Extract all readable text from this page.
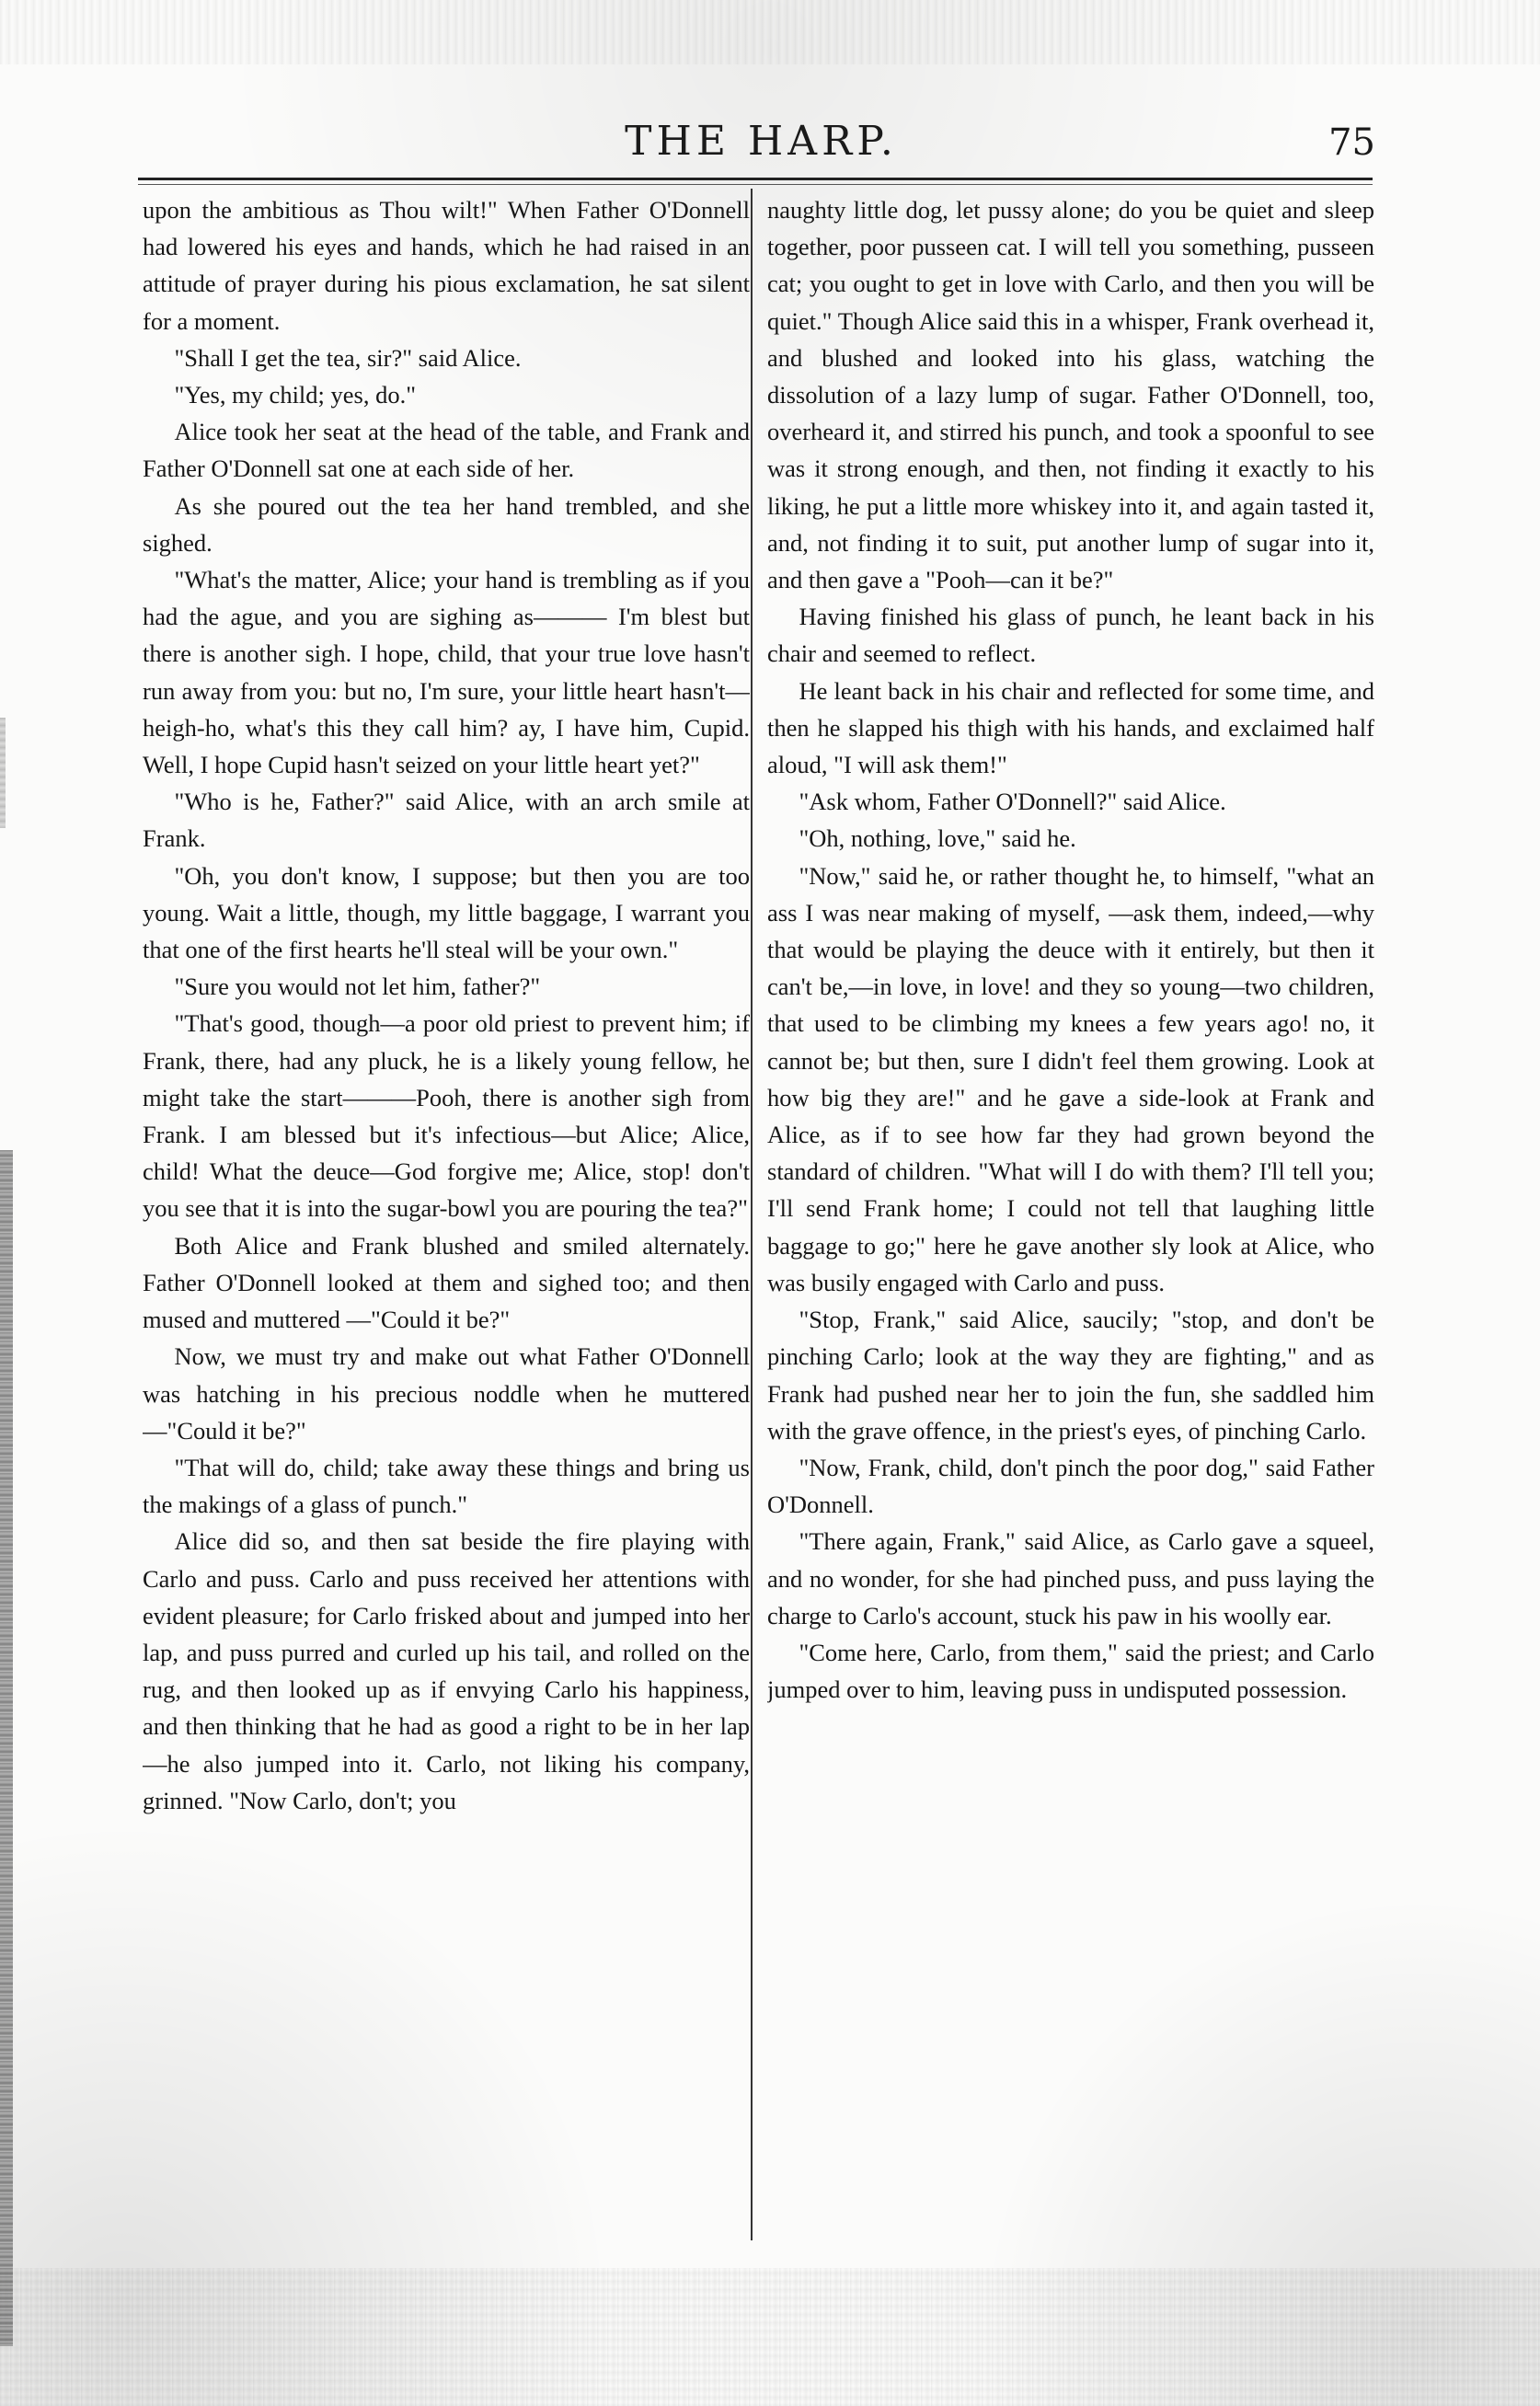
THE HARP.	75

upon the ambitious as Thou wilt!" When Father O'Donnell had lowered his eyes and hands, which he had raised in an attitude of prayer during his pious exclamation, he sat silent for a moment.

"Shall I get the tea, sir?" said Alice.

"Yes, my child; yes, do."

Alice took her seat at the head of the table, and Frank and Father O'Donnell sat one at each side of her.

As she poured out the tea her hand trembled, and she sighed.

"What's the matter, Alice; your hand is trembling as if you had the ague, and you are sighing as——— I'm blest but there is another sigh. I hope, child, that your true love hasn't run away from you: but no, I'm sure, your little heart hasn't—heigh-ho, what's this they call him? ay, I have him, Cupid. Well, I hope Cupid hasn't seized on your little heart yet?"

"Who is he, Father?" said Alice, with an arch smile at Frank.

"Oh, you don't know, I suppose; but then you are too young. Wait a little, though, my little baggage, I warrant you that one of the first hearts he'll steal will be your own."

"Sure you would not let him, father?"

"That's good, though—a poor old priest to prevent him; if Frank, there, had any pluck, he is a likely young fellow, he might take the start———Pooh, there is another sigh from Frank. I am blessed but it's infectious—but Alice; Alice, child! What the deuce—God forgive me; Alice, stop! don't you see that it is into the sugar-bowl you are pouring the tea?"

Both Alice and Frank blushed and smiled alternately. Father O'Donnell looked at them and sighed too; and then mused and muttered —"Could it be?"

Now, we must try and make out what Father O'Donnell was hatching in his precious noddle when he muttered—"Could it be?"

"That will do, child; take away these things and bring us the makings of a glass of punch."

Alice did so, and then sat beside the fire playing with Carlo and puss. Carlo and puss received her attentions with evident pleasure; for Carlo frisked about and jumped into her lap, and puss purred and curled up his tail, and rolled on the rug, and then looked up as if envying Carlo his happiness, and then thinking that he had as good a right to be in her lap —he also jumped into it. Carlo, not liking his company, grinned. "Now Carlo, don't; you

naughty little dog, let pussy alone; do you be quiet and sleep together, poor pusseen cat. I will tell you something, pusseen cat; you ought to get in love with Carlo, and then you will be quiet." Though Alice said this in a whisper, Frank overhead it, and blushed and looked into his glass, watching the dissolution of a lazy lump of sugar. Father O'Donnell, too, overheard it, and stirred his punch, and took a spoonful to see was it strong enough, and then, not finding it exactly to his liking, he put a little more whiskey into it, and again tasted it, and, not finding it to suit, put another lump of sugar into it, and then gave a "Pooh—can it be?"

Having finished his glass of punch, he leant back in his chair and seemed to reflect.

He leant back in his chair and reflected for some time, and then he slapped his thigh with his hands, and exclaimed half aloud, "I will ask them!"

"Ask whom, Father O'Donnell?" said Alice.

"Oh, nothing, love," said he.

"Now," said he, or rather thought he, to himself, "what an ass I was near making of myself, —ask them, indeed,—why that would be playing the deuce with it entirely, but then it can't be,—in love, in love! and they so young—two children, that used to be climbing my knees a few years ago! no, it cannot be; but then, sure I didn't feel them growing. Look at how big they are!" and he gave a side-look at Frank and Alice, as if to see how far they had grown beyond the standard of children. "What will I do with them? I'll tell you; I'll send Frank home; I could not tell that laughing little baggage to go;" here he gave another sly look at Alice, who was busily engaged with Carlo and puss.

"Stop, Frank," said Alice, saucily; "stop, and don't be pinching Carlo; look at the way they are fighting," and as Frank had pushed near her to join the fun, she saddled him with the grave offence, in the priest's eyes, of pinching Carlo.

"Now, Frank, child, don't pinch the poor dog," said Father O'Donnell.

"There again, Frank," said Alice, as Carlo gave a squeel, and no wonder, for she had pinched puss, and puss laying the charge to Carlo's account, stuck his paw in his woolly ear.

"Come here, Carlo, from them," said the priest; and Carlo jumped over to him, leaving puss in undisputed possession.
